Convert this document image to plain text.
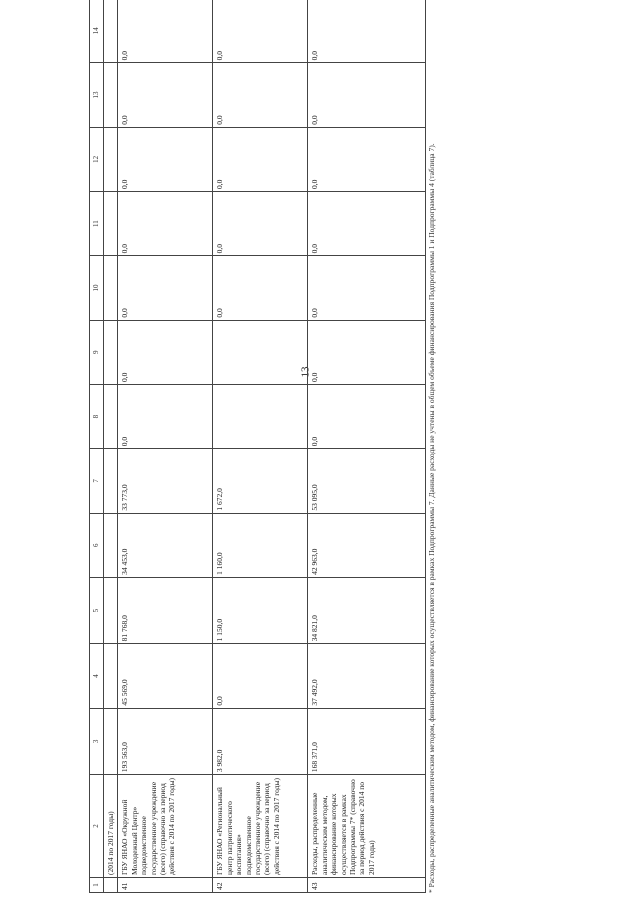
13
1	2	3	4	5	6	7	8	9	10	11	12	13	14
	(2014 по 2017 годы)												
41	ГБУ ЯНАО «Окружной Молодежный Центр» подведомственное государственное учреждение (всего) (справочно за период действия с 2014 по 2017 годы)	193 563,0	45 569,0	81 768,0	34 453,0	33 773,0	0,0	0,0	0,0	0,0	0,0	0,0	0,0
42	ГБУ ЯНАО «Региональный центр патриотического воспитания» подведомственное государственное учреждение (всего) (справочно за период действия с 2014 по 2017 годы)	3 982,0	0,0	1 150,0	1 160,0	1 672,0			0,0	0,0	0,0	0,0	0,0
43	Расходы, распределенные аналитическим методом, финансирование которых осуществляется в рамках Подпрограммы 7* (справочно за период действия с 2014 по 2017 годы)	168 371,0	37 492,0	34 821,0	42 963,0	53 095,0	0,0	0,0	0,0	0,0	0,0	0,0	0,0
* Расходы, распределенные аналитическим методом, финансирование которых осуществляется в рамках Подпрограммы 7. Данные расходы не учтены в общем объеме финансирования Подпрограммы 1 и Подпрограммы 4 (таблица 7).
